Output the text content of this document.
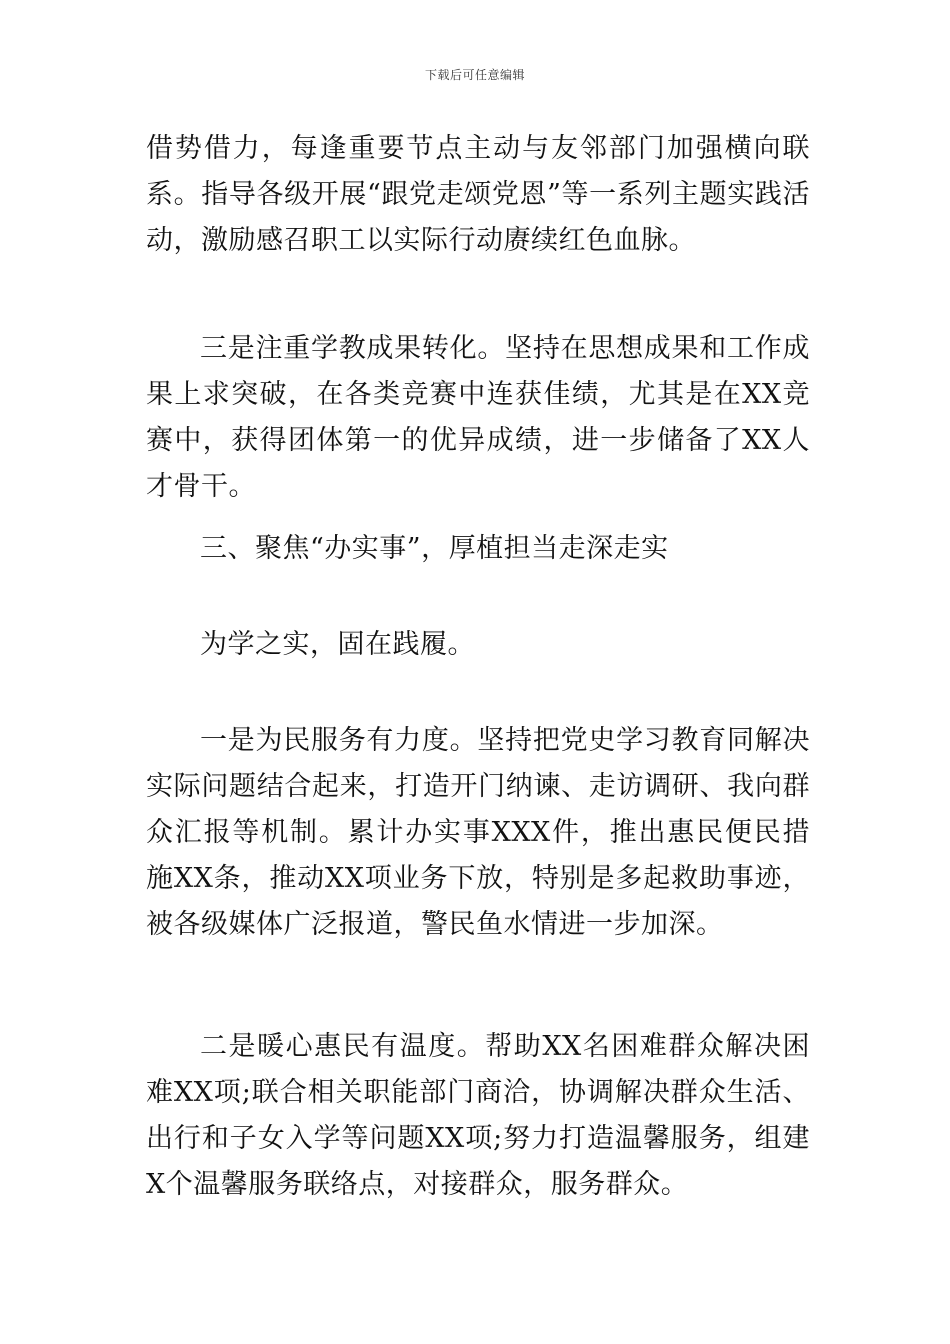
下载后可任意编辑

借势借力，每逢重要节点主动与友邻部门加强横向联系。指导各级开展“跟党走颂党恩”等一系列主题实践活动，激励感召职工以实际行动赓续红色血脉。

三是注重学教成果转化。坚持在思想成果和工作成果上求突破，在各类竞赛中连获佳绩，尤其是在XX竞赛中，获得团体第一的优异成绩，进一步储备了XX人才骨干。

三、聚焦“办实事”，厚植担当走深走实

为学之实，固在践履。

一是为民服务有力度。坚持把党史学习教育同解决实际问题结合起来，打造开门纳谏、走访调研、我向群众汇报等机制。累计办实事XXX件，推出惠民便民措施XX条，推动XX项业务下放，特别是多起救助事迹，被各级媒体广泛报道，警民鱼水情进一步加深。

二是暖心惠民有温度。帮助XX名困难群众解决困难XX项;联合相关职能部门商洽，协调解决群众生活、出行和子女入学等问题XX项;努力打造温馨服务，组建X个温馨服务联络点，对接群众，服务群众。
